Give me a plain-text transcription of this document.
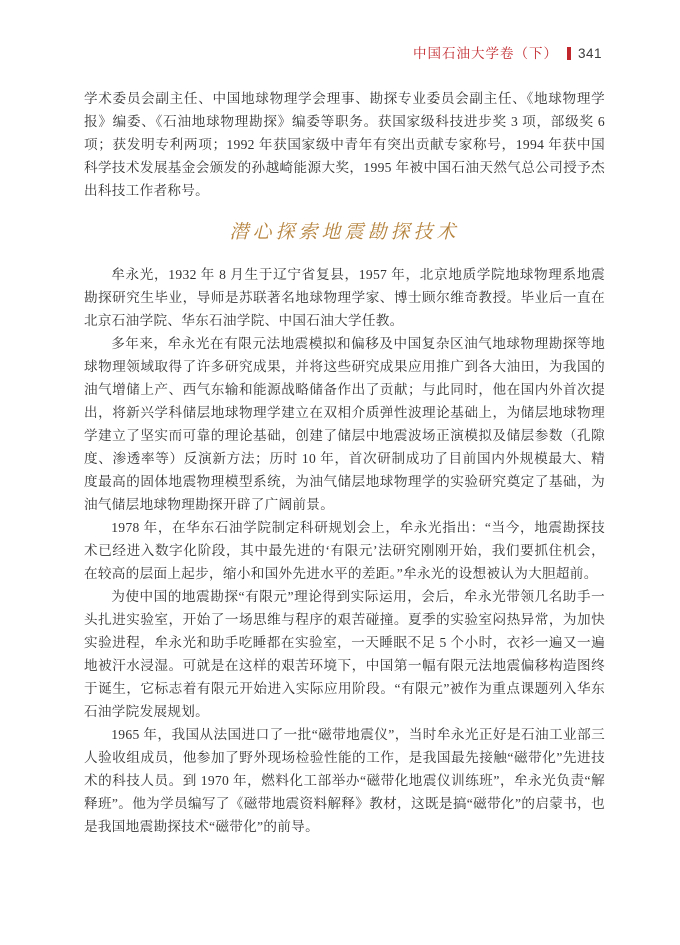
中国石油大学卷（下） 341

学术委员会副主任、中国地球物理学会理事、勘探专业委员会副主任、《地球物理学报》编委、《石油地球物理勘探》编委等职务。获国家级科技进步奖 3 项，部级奖 6 项；获发明专利两项；1992 年获国家级中青年有突出贡献专家称号，1994 年获中国科学技术发展基金会颁发的孙越崎能源大奖，1995 年被中国石油天然气总公司授予杰出科技工作者称号。

潜心探索地震勘探技术

牟永光，1932 年 8 月生于辽宁省复县，1957 年，北京地质学院地球物理系地震勘探研究生毕业，导师是苏联著名地球物理学家、博士顾尔维奇教授。毕业后一直在北京石油学院、华东石油学院、中国石油大学任教。

多年来，牟永光在有限元法地震模拟和偏移及中国复杂区油气地球物理勘探等地球物理领域取得了许多研究成果，并将这些研究成果应用推广到各大油田，为我国的油气增储上产、西气东输和能源战略储备作出了贡献；与此同时，他在国内外首次提出，将新兴学科储层地球物理学建立在双相介质弹性波理论基础上，为储层地球物理学建立了坚实而可靠的理论基础，创建了储层中地震波场正演模拟及储层参数（孔隙度、渗透率等）反演新方法；历时 10 年，首次研制成功了目前国内外规模最大、精度最高的固体地震物理模型系统，为油气储层地球物理学的实验研究奠定了基础，为油气储层地球物理勘探开辟了广阔前景。

1978 年，在华东石油学院制定科研规划会上，牟永光指出：“当今，地震勘探技术已经进入数字化阶段，其中最先进的‘有限元’法研究刚刚开始，我们要抓住机会，在较高的层面上起步，缩小和国外先进水平的差距。”牟永光的设想被认为大胆超前。

为使中国的地震勘探“有限元”理论得到实际运用，会后，牟永光带领几名助手一头扎进实验室，开始了一场思维与程序的艰苦碰撞。夏季的实验室闷热异常，为加快实验进程，牟永光和助手吃睡都在实验室，一天睡眠不足 5 个小时，衣衫一遍又一遍地被汗水浸湿。可就是在这样的艰苦环境下，中国第一幅有限元法地震偏移构造图终于诞生，它标志着有限元开始进入实际应用阶段。“有限元”被作为重点课题列入华东石油学院发展规划。

1965 年，我国从法国进口了一批“磁带地震仪”，当时牟永光正好是石油工业部三人验收组成员，他参加了野外现场检验性能的工作，是我国最先接触“磁带化”先进技术的科技人员。到 1970 年，燃料化工部举办“磁带化地震仪训练班”，牟永光负责“解释班”。他为学员编写了《磁带地震资料解释》教材，这既是搞“磁带化”的启蒙书，也是我国地震勘探技术“磁带化”的前导。
